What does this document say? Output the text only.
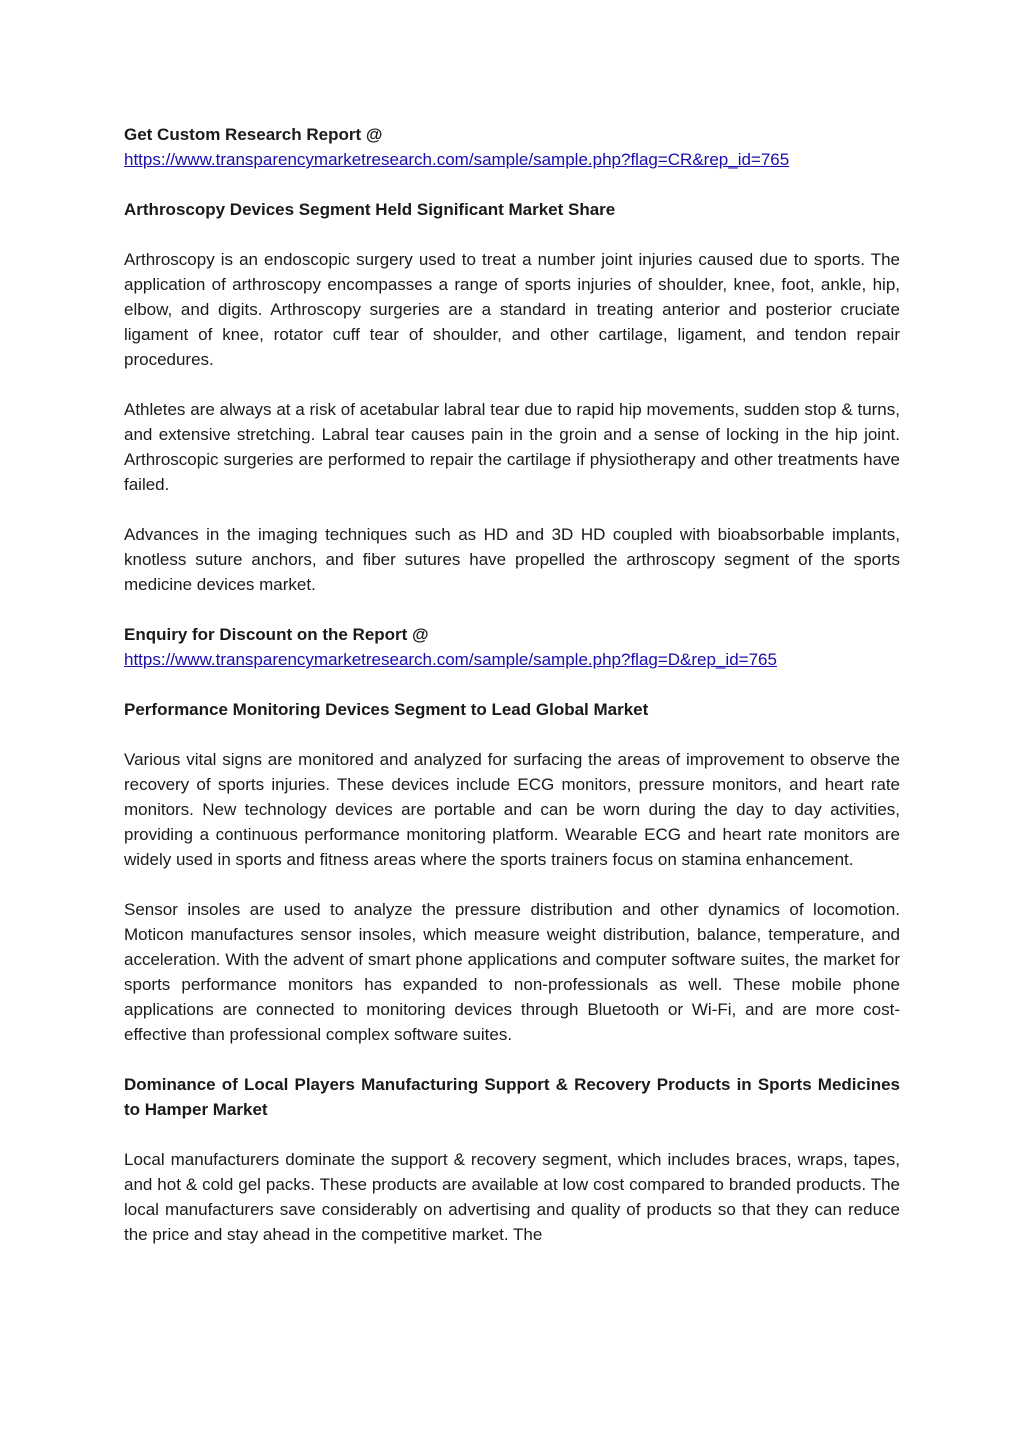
Get Custom Research Report @

https://www.transparencymarketresearch.com/sample/sample.php?flag=CR&rep_id=765

Arthroscopy Devices Segment Held Significant Market Share

Arthroscopy is an endoscopic surgery used to treat a number joint injuries caused due to sports. The application of arthroscopy encompasses a range of sports injuries of shoulder, knee, foot, ankle, hip, elbow, and digits. Arthroscopy surgeries are a standard in treating anterior and posterior cruciate ligament of knee, rotator cuff tear of shoulder, and other cartilage, ligament, and tendon repair procedures.

Athletes are always at a risk of acetabular labral tear due to rapid hip movements, sudden stop & turns, and extensive stretching. Labral tear causes pain in the groin and a sense of locking in the hip joint. Arthroscopic surgeries are performed to repair the cartilage if physiotherapy and other treatments have failed.

Advances in the imaging techniques such as HD and 3D HD coupled with bioabsorbable implants, knotless suture anchors, and fiber sutures have propelled the arthroscopy segment of the sports medicine devices market.

Enquiry for Discount on the Report @

https://www.transparencymarketresearch.com/sample/sample.php?flag=D&rep_id=765

Performance Monitoring Devices Segment to Lead Global Market

Various vital signs are monitored and analyzed for surfacing the areas of improvement to observe the recovery of sports injuries. These devices include ECG monitors, pressure monitors, and heart rate monitors. New technology devices are portable and can be worn during the day to day activities, providing a continuous performance monitoring platform. Wearable ECG and heart rate monitors are widely used in sports and fitness areas where the sports trainers focus on stamina enhancement.

Sensor insoles are used to analyze the pressure distribution and other dynamics of locomotion. Moticon manufactures sensor insoles, which measure weight distribution, balance, temperature, and acceleration. With the advent of smart phone applications and computer software suites, the market for sports performance monitors has expanded to non-professionals as well. These mobile phone applications are connected to monitoring devices through Bluetooth or Wi-Fi, and are more cost-effective than professional complex software suites.

Dominance of Local Players Manufacturing Support & Recovery Products in Sports Medicines to Hamper Market

Local manufacturers dominate the support & recovery segment, which includes braces, wraps, tapes, and hot & cold gel packs. These products are available at low cost compared to branded products. The local manufacturers save considerably on advertising and quality of products so that they can reduce the price and stay ahead in the competitive market. The
